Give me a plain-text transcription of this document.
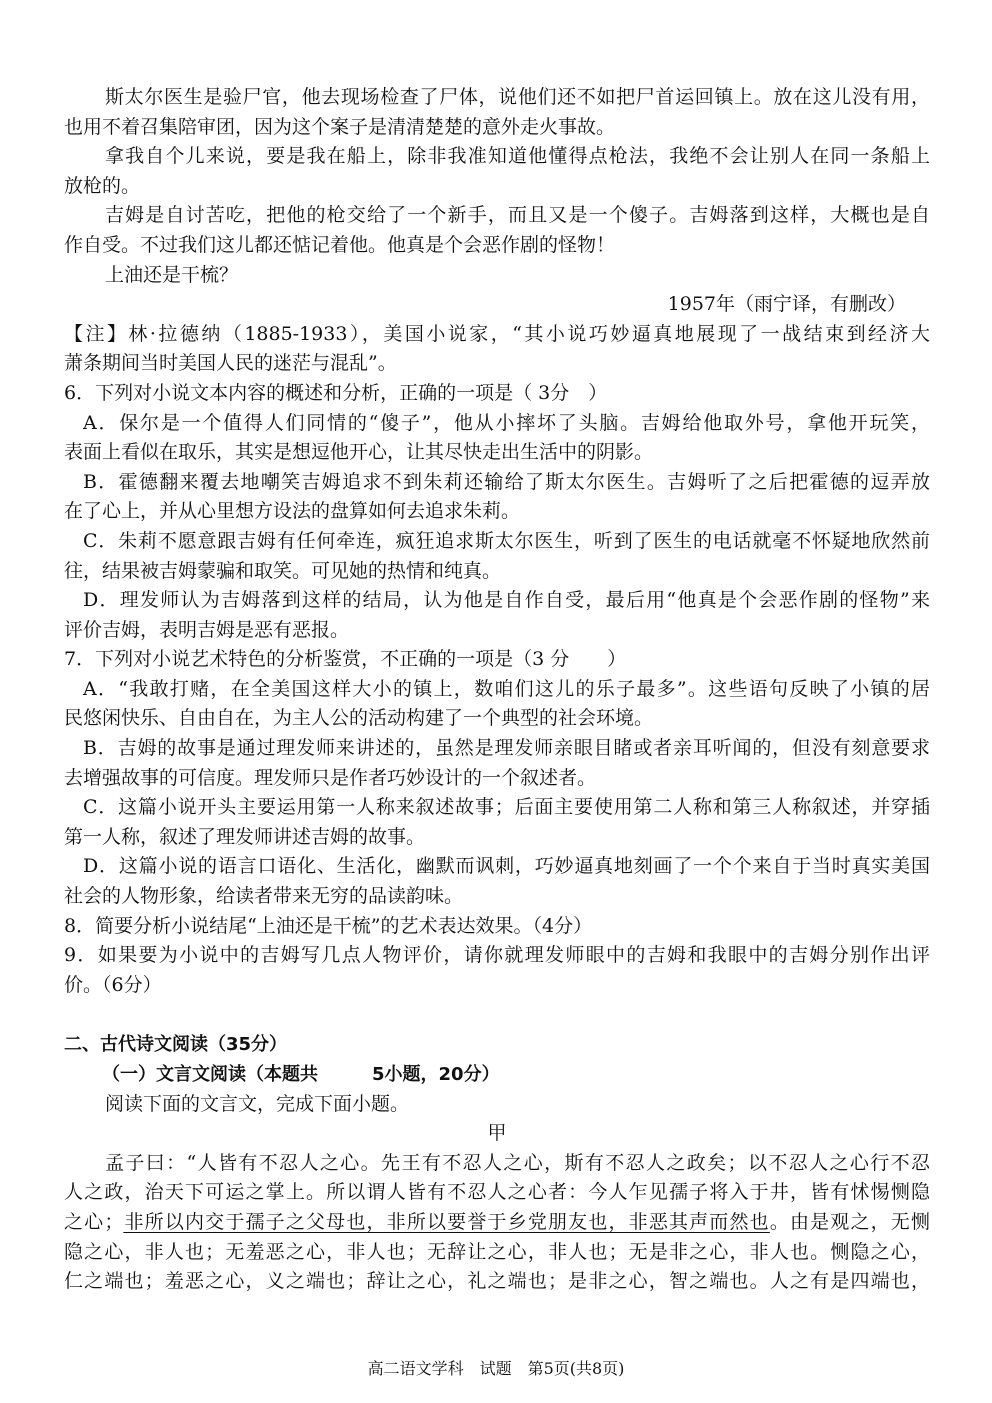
斯太尔医生是验尸官，他去现场检查了尸体，说他们还不如把尸首运回镇上。放在这儿没有用，
也用不着召集陪审团，因为这个案子是清清楚楚的意外走火事故。
拿我自个儿来说，要是我在船上，除非我准知道他懂得点枪法，我绝不会让别人在同一条船上
放枪的。
吉姆是自讨苦吃，把他的枪交给了一个新手，而且又是一个傻子。吉姆落到这样，大概也是自
作自受。不过我们这儿都还惦记着他。他真是个会恶作剧的怪物！
上油还是干梳？
1957年（雨宁译，有删改）
【注】林·拉德纳（1885-1933），美国小说家，“其小说巧妙逼真地展现了一战结束到经济大
萧条期间当时美国人民的迷茫与混乱”。
6．下列对小说文本内容的概述和分析，正确的一项是（ 3分　）
A．保尔是一个值得人们同情的“傻子”，他从小摔坏了头脑。吉姆给他取外号，拿他开玩笑，
表面上看似在取乐，其实是想逗他开心，让其尽快走出生活中的阴影。
B．霍德翻来覆去地嘲笑吉姆追求不到朱莉还输给了斯太尔医生。吉姆听了之后把霍德的逗弄放
在了心上，并从心里想方设法的盘算如何去追求朱莉。
C．朱莉不愿意跟吉姆有任何牵连，疯狂追求斯太尔医生，听到了医生的电话就毫不怀疑地欣然前
往，结果被吉姆蒙骗和取笑。可见她的热情和纯真。
D．理发师认为吉姆落到这样的结局，认为他是自作自受，最后用“他真是个会恶作剧的怪物”来
评价吉姆，表明吉姆是恶有恶报。
7．下列对小说艺术特色的分析鉴赏，不正确的一项是（3 分　　）
A．“我敢打赌，在全美国这样大小的镇上，数咱们这儿的乐子最多”。这些语句反映了小镇的居
民悠闲快乐、自由自在，为主人公的活动构建了一个典型的社会环境。
B．吉姆的故事是通过理发师来讲述的，虽然是理发师亲眼目睹或者亲耳听闻的，但没有刻意要求
去增强故事的可信度。理发师只是作者巧妙设计的一个叙述者。
C．这篇小说开头主要运用第一人称来叙述故事；后面主要使用第二人称和第三人称叙述，并穿插
第一人称，叙述了理发师讲述吉姆的故事。
D．这篇小说的语言口语化、生活化，幽默而讽刺，巧妙逼真地刻画了一个个来自于当时真实美国
社会的人物形象，给读者带来无穷的品读韵味。
8．简要分析小说结尾“上油还是干梳”的艺术表达效果。（4分）
9．如果要为小说中的吉姆写几点人物评价，请你就理发师眼中的吉姆和我眼中的吉姆分别作出评
价。（6分）
二、古代诗文阅读（35分）
（一）文言文阅读（本题共　　　5小题，20分）
阅读下面的文言文，完成下面小题。
甲
孟子曰：“人皆有不忍人之心。先王有不忍人之心，斯有不忍人之政矣；以不忍人之心行不忍
人之政，治天下可运之掌上。所以谓人皆有不忍人之心者：今人乍见孺子将入于井，皆有怵惕恻隐
之心；非所以内交于孺子之父母也，非所以要誉于乡党朋友也，非恶其声而然也。由是观之，无恻
隐之心，非人也；无羞恶之心，非人也；无辞让之心，非人也；无是非之心，非人也。恻隐之心，
仁之端也；羞恶之心，义之端也；辞让之心，礼之端也；是非之心，智之端也。人之有是四端也，
高二语文学科　试题　第5页(共8页)
